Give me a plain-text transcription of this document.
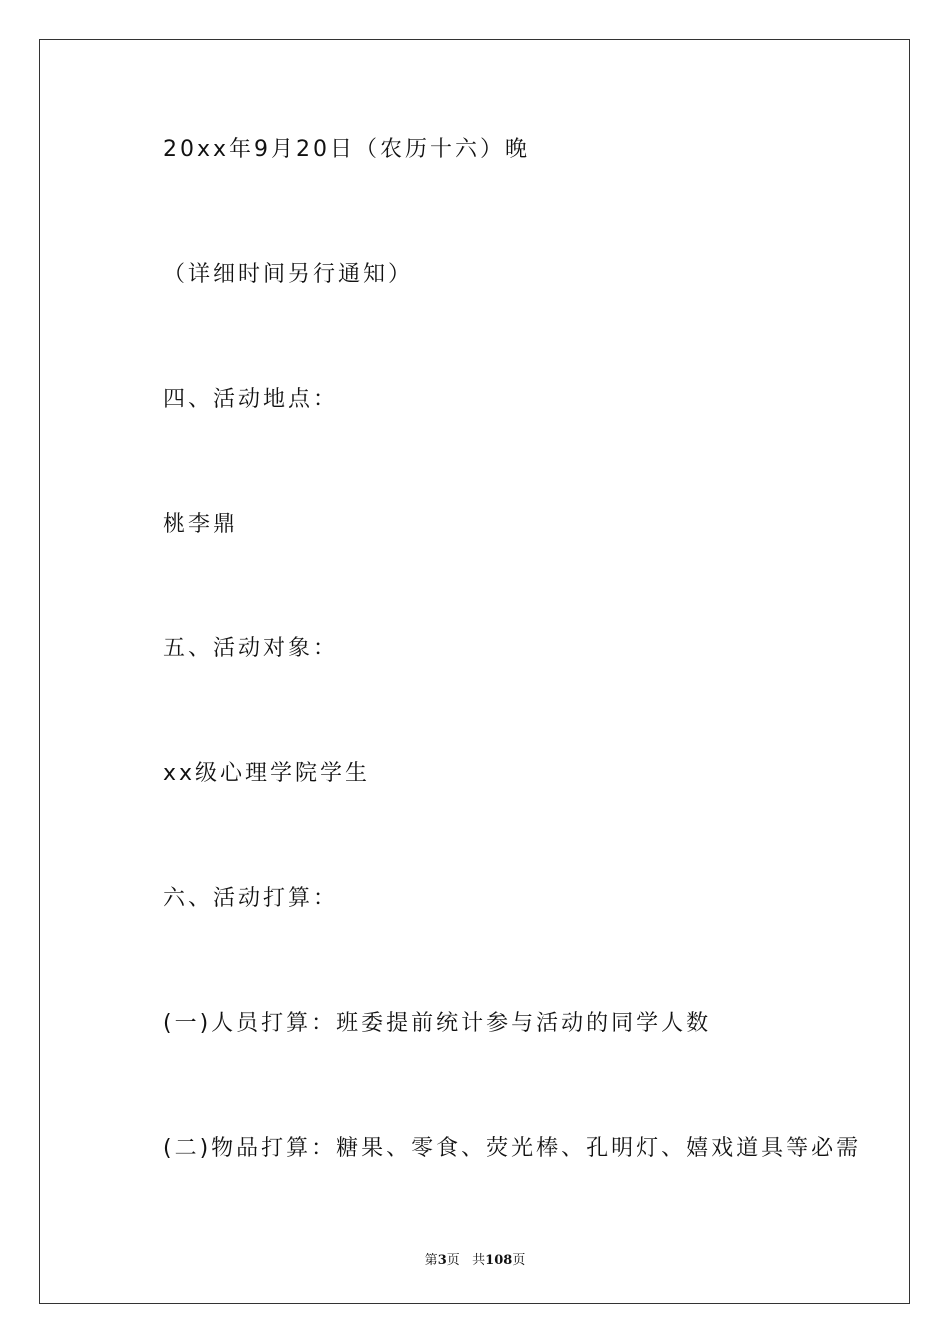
20xx年9月20日（农历十六）晚
（详细时间另行通知）
四、活动地点：
桃李鼎
五、活动对象：
xx级心理学院学生
六、活动打算：
(一)人员打算：班委提前统计参与活动的同学人数
(二)物品打算：糖果、零食、荧光棒、孔明灯、嬉戏道具等必需
第3页 共108页
